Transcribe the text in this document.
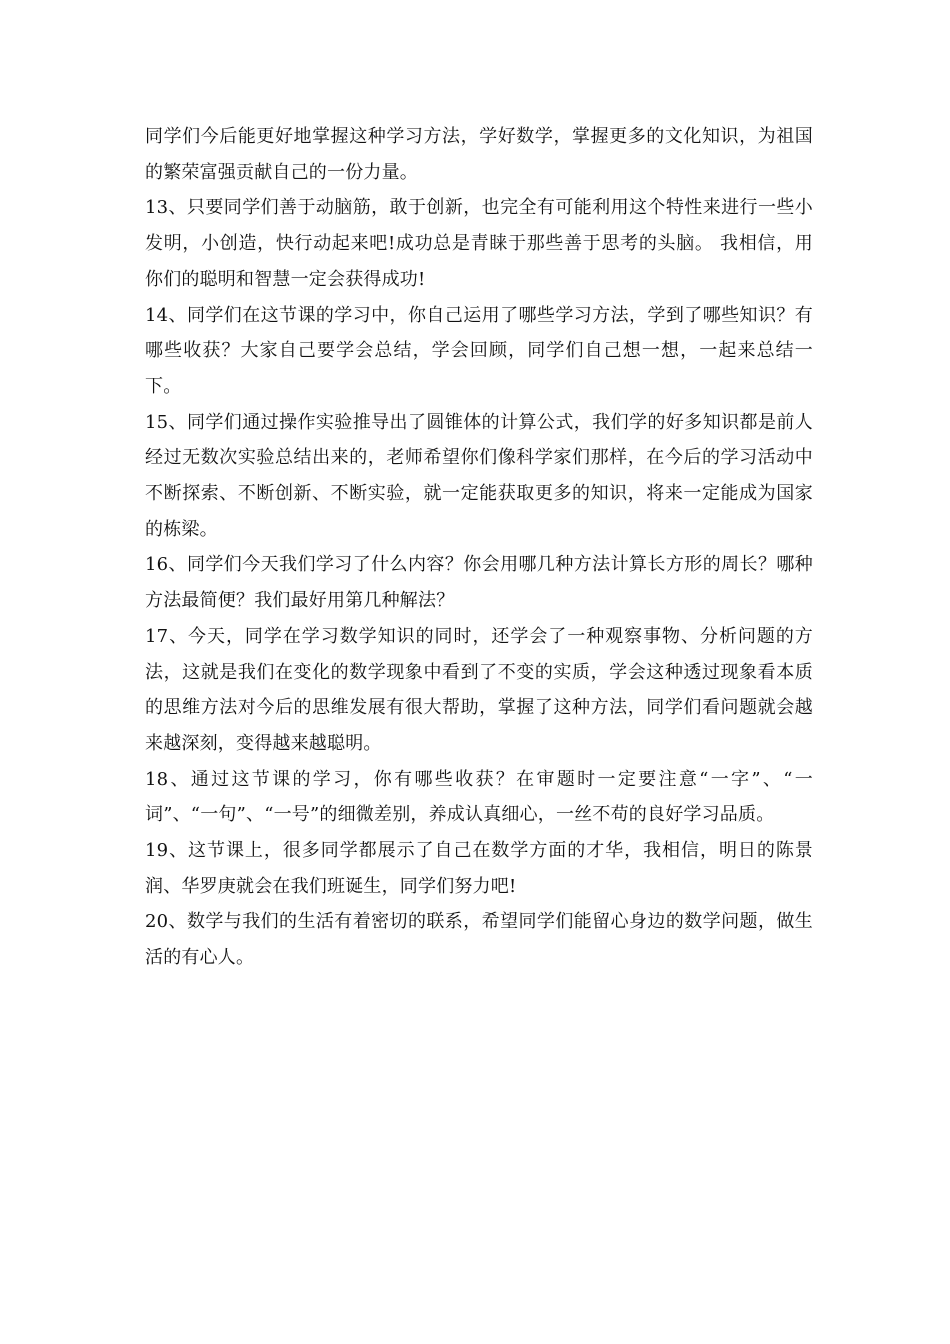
同学们今后能更好地掌握这种学习方法，学好数学，掌握更多的文化知识，为祖国的繁荣富强贡献自己的一份力量。

13、只要同学们善于动脑筋，敢于创新，也完全有可能利用这个特性来进行一些小发明，小创造，快行动起来吧!成功总是青睐于那些善于思考的头脑。 我相信，用你们的聪明和智慧一定会获得成功!

14、同学们在这节课的学习中，你自己运用了哪些学习方法，学到了哪些知识？有哪些收获？大家自己要学会总结，学会回顾，同学们自己想一想，一起来总结一下。

15、同学们通过操作实验推导出了圆锥体的计算公式，我们学的好多知识都是前人经过无数次实验总结出来的，老师希望你们像科学家们那样，在今后的学习活动中不断探索、不断创新、不断实验，就一定能获取更多的知识，将来一定能成为国家的栋梁。

16、同学们今天我们学习了什么内容？你会用哪几种方法计算长方形的周长？哪种方法最简便？我们最好用第几种解法？

17、今天，同学在学习数学知识的同时，还学会了一种观察事物、分析问题的方法，这就是我们在变化的数学现象中看到了不变的实质，学会这种透过现象看本质的思维方法对今后的思维发展有很大帮助，掌握了这种方法，同学们看问题就会越来越深刻，变得越来越聪明。

18、通过这节课的学习，你有哪些收获？在审题时一定要注意“一字”、“一词”、“一句”、“一号”的细微差别，养成认真细心，一丝不苟的良好学习品质。

19、这节课上，很多同学都展示了自己在数学方面的才华，我相信，明日的陈景润、华罗庚就会在我们班诞生，同学们努力吧!

20、数学与我们的生活有着密切的联系，希望同学们能留心身边的数学问题，做生活的有心人。
